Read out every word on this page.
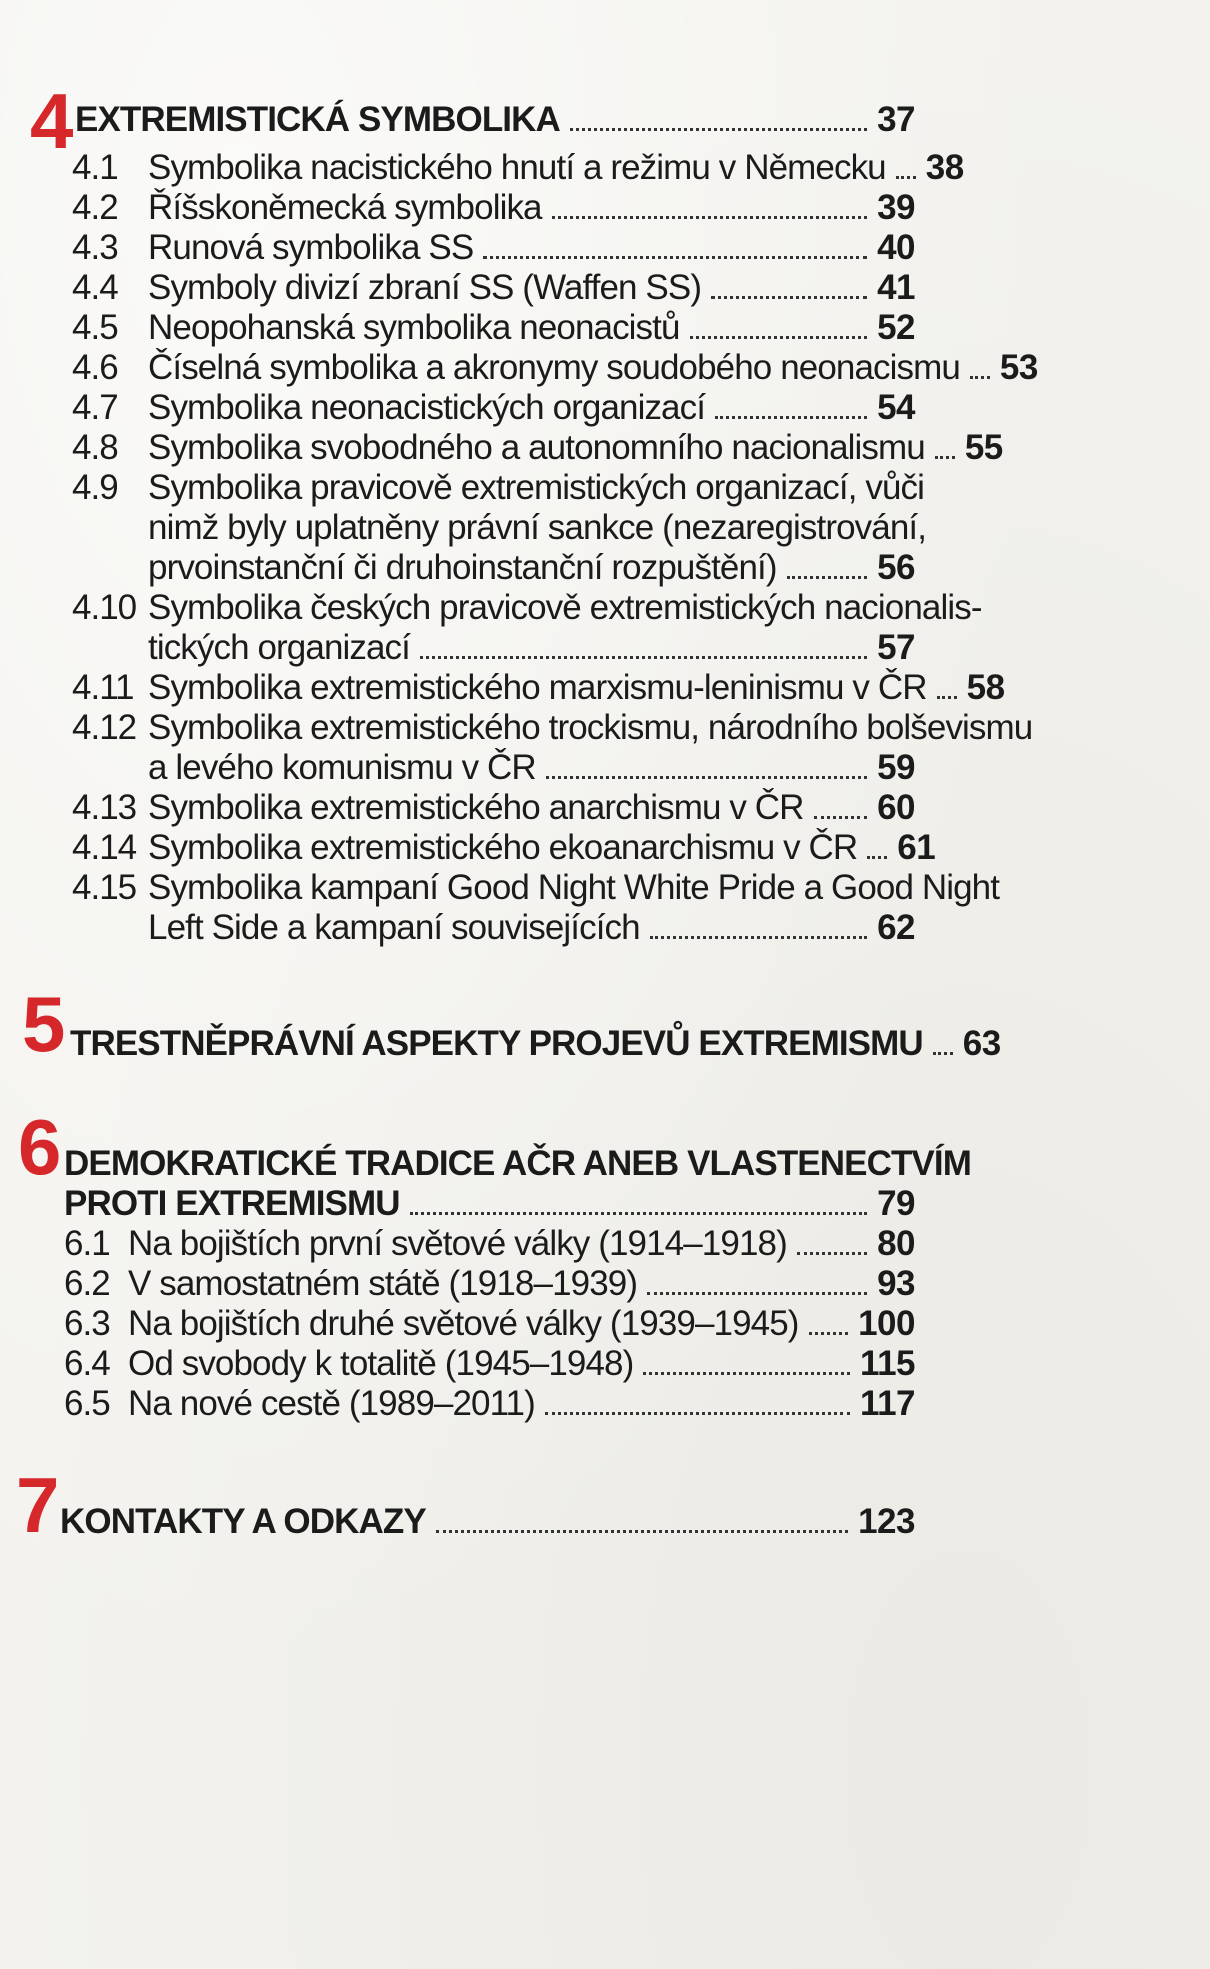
4 EXTREMISTICKÁ SYMBOLIKA	37
4.1 Symbolika nacistického hnutí a režimu v Německu 38
4.2 Říšskoněmecká symbolika	39
4.3 Runová symbolika SS	40
4.4 Symboly divizí zbraní SS (Waffen SS)	41
4.5 Neopohanská symbolika neonacistů	52
4.6 Číselná symbolika a akronymy soudobého neonacismu 53
4.7 Symbolika neonacistických organizací	54
4.8 Symbolika svobodného a autonomního nacionalismu 55
4.9 Symbolika pravicově extremistických organizací, vůči
nimž byly uplatněny právní sankce (nezaregistrování,
prvoinstanční či druhoinstanční rozpuštění)	56
4.10 Symbolika českých pravicově extremistických nacionalis-
tických organizací	57
4.11 Symbolika extremistického marxismu-leninismu v ČR 58
4.12 Symbolika extremistického trockismu, národního bolševismu
a levého komunismu v ČR	59
4.13 Symbolika extremistického anarchismu v ČR 60
4.14 Symbolika extremistického ekoanarchismu v ČR 61
4.15 Symbolika kampaní Good Night White Pride a Good Night
Left Side a kampaní souvisejících	62
5 TRESTNĚPRÁVNÍ ASPEKTY PROJEVŮ EXTREMISMU 63
6 DEMOKRATICKÉ TRADICE AČR ANEB VLASTENECTVÍM
PROTI EXTREMISMU	79
6.1 Na bojištích první světové války (1914–1918)	80
6.2 V samostatném státě (1918–1939)	93
6.3 Na bojištích druhé světové války (1939–1945) 100
6.4 Od svobody k totalitě (1945–1948)	115
6.5 Na nové cestě (1989–2011)	117
7 KONTAKTY A ODKAZY	123
